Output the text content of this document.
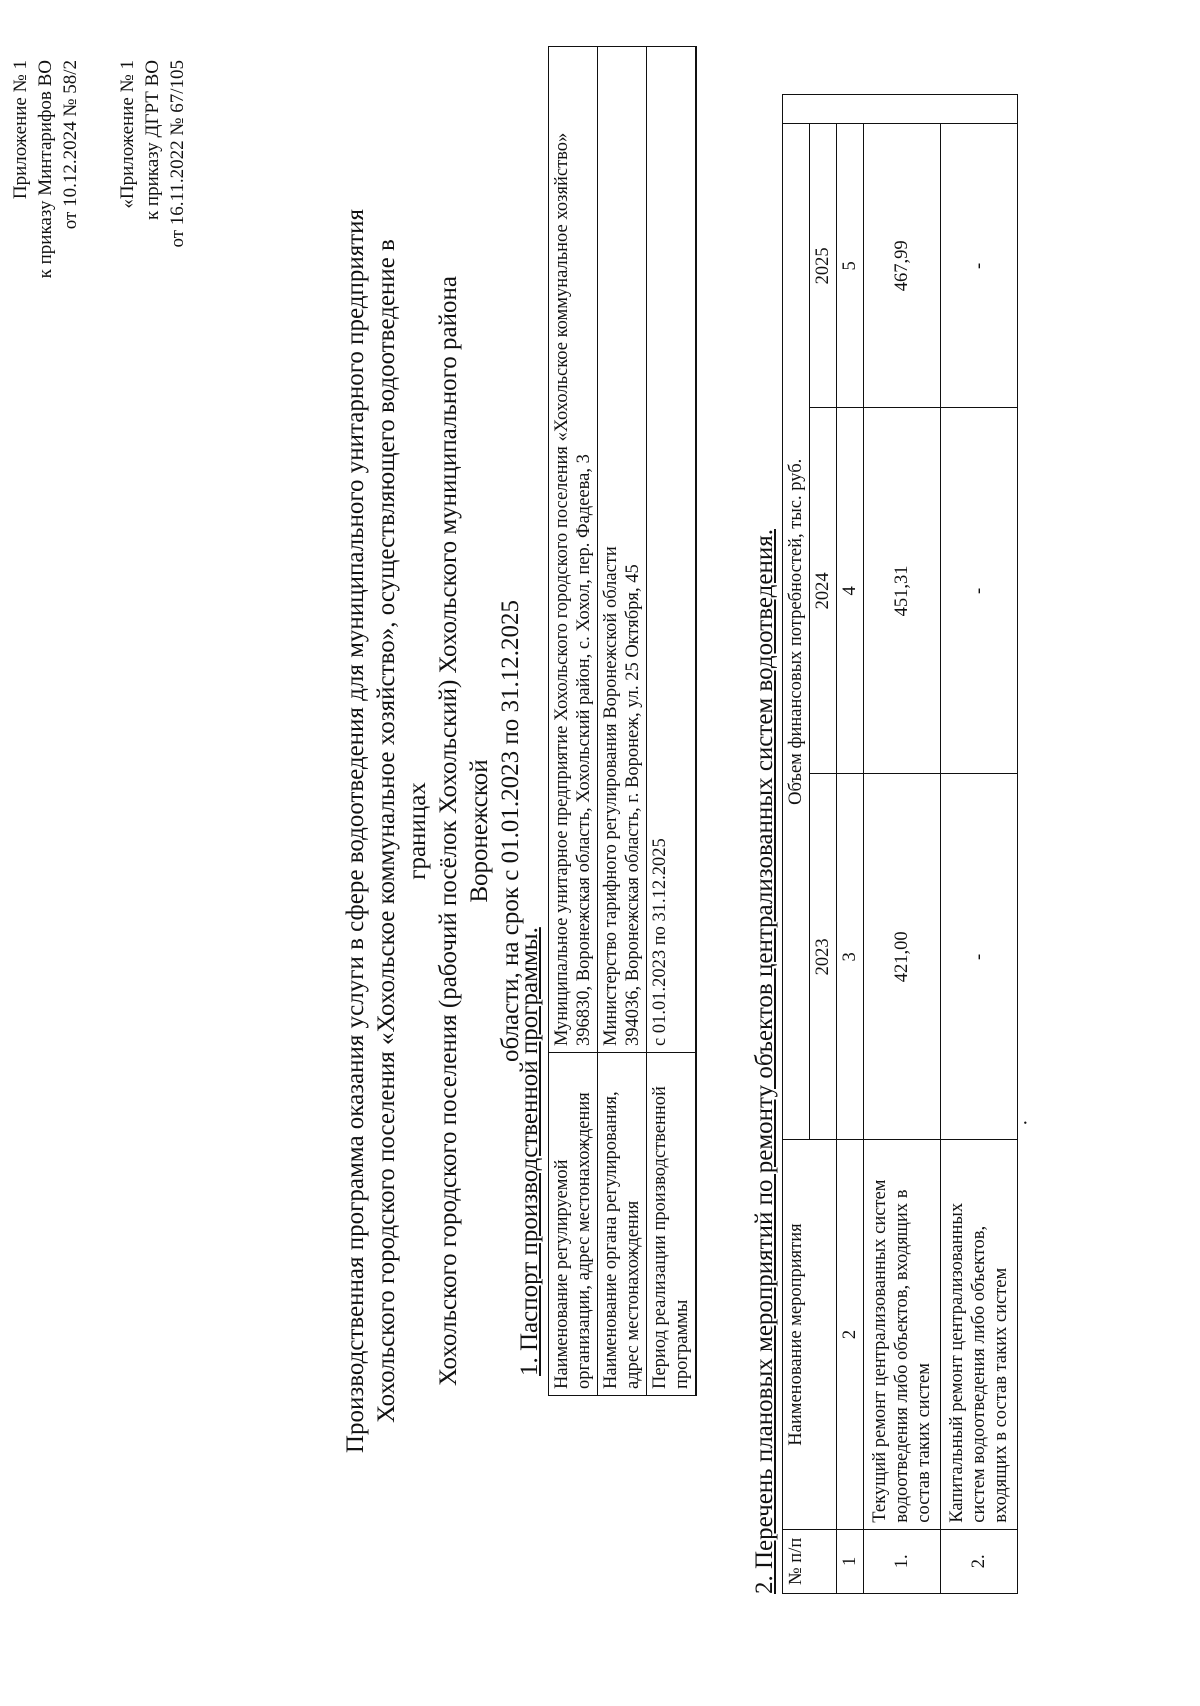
Приложение № 1 к приказу Минтарифов ВО от 10.12.2024 № 58/2 «Приложение № 1 к приказу ДГРТ ВО от 16.11.2022 № 67/105
Производственная программа оказания услуги в сфере водоотведения для муниципального унитарного предприятия Хохольского городского поселения «Хохольское коммунальное хозяйство», осуществляющего водоотведение в границах Хохольского городского поселения (рабочий посёлок Хохольский) Хохольского муниципального района Воронежской области, на срок с 01.01.2023 по 31.12.2025
1. Паспорт производственной программы. Наименование регулируемой организации, адрес местонахождения	Муниципальное унитарное предприятие Хохольского городского поселения «Хохольское коммунальное хозяйство» 396830, Воронежская область, Хохольский район, с. Хохол, пер. Фадеева, 3

Наименование органа регулирования, адрес местонахождения	Министерство тарифного регулирования Воронежской области 394036, Воронежская область, г. Воронеж, ул. 25 Октября, 45

Период реализации производственной программы	с 01.01.2023 по 31.12.2025	2. Перечень плановых мероприятий по ремонту объектов централизованных систем водоотведения. № п/п	Наименование мероприятия	Объем финансовых потребностей, тыс. руб.			
		2023	2024	2025	
1	2	3	4	5	
1.	Текущий ремонт централизованных систем водоотведения либо объектов, входящих в состав таких систем	421,00	451,31	467,99	
2.	Капитальный ремонт централизованных систем водоотведения либо объектов, входящих в состав таких систем	-	-	-	
·
